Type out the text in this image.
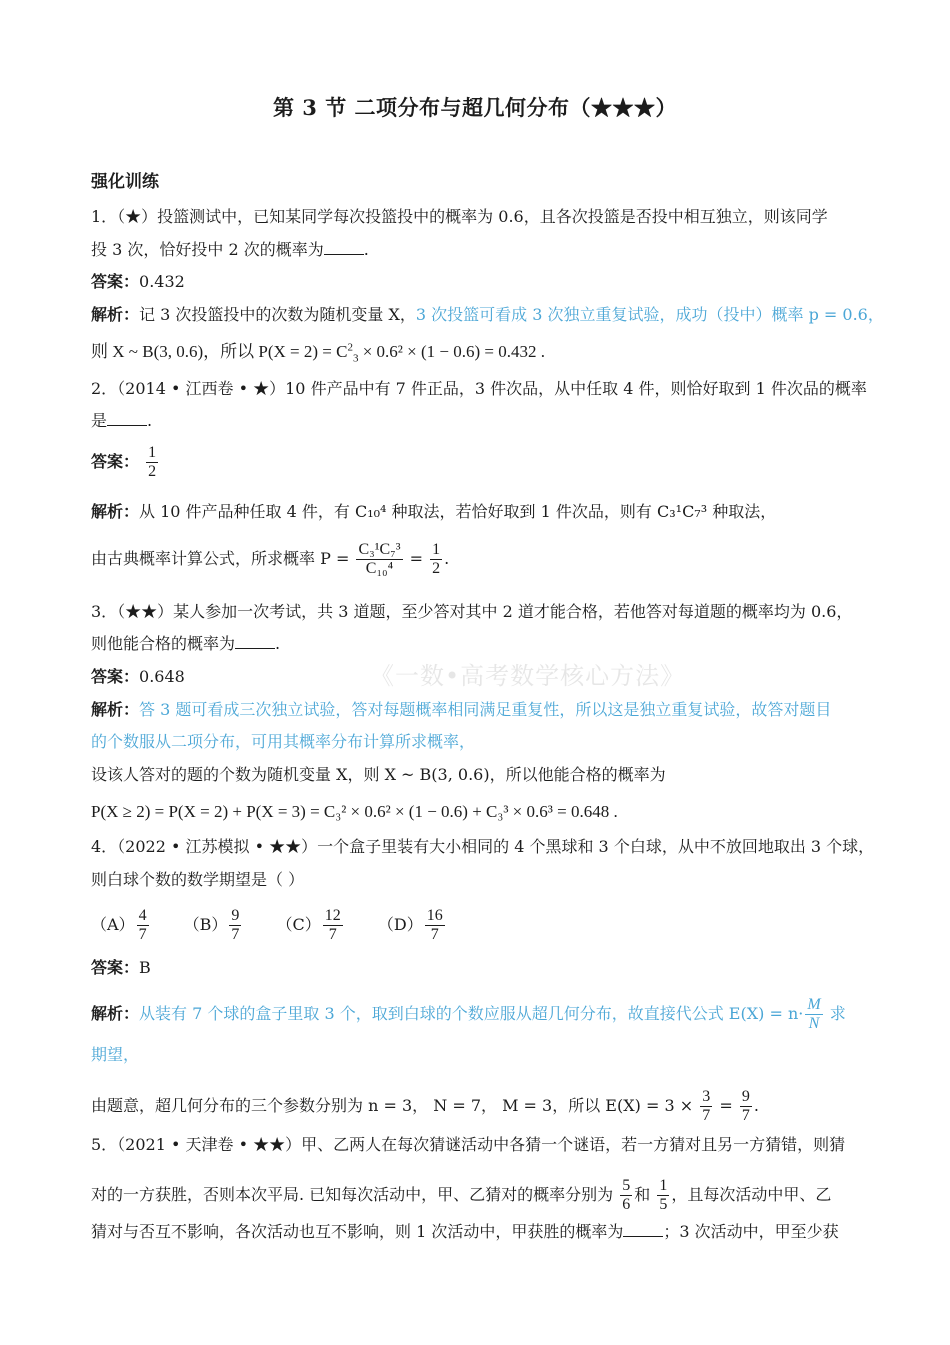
第 3 节 二项分布与超几何分布（★★★）
《一数•高考数学核心方法》
强化训练
1．（★）投篮测试中，已知某同学每次投篮投中的概率为 0.6，且各次投篮是否投中相互独立，则该同学
投 3 次，恰好投中 2 次的概率为	.
答案：0.432
解析：记 3 次投篮投中的次数为随机变量 X，3 次投篮可看成 3 次独立重复试验，成功（投中）概率 p = 0.6，
则 X ~ B(3, 0.6)，所以 $P(X = 2) = C^2_3 \times 0.6^2 \times (1 - 0.6) = 0.432$ .
2．（2014 • 江西卷 • ★）10 件产品中有 7 件正品，3 件次品，从中任取 4 件，则恰好取到 1 件次品的概率
是	.
答案： $\frac{1}{2}$
解析：从 10 件产品种任取 4 件，有 C₁₀⁴ 种取法，若恰好取到 1 件次品，则有 C₃¹C₇³ 种取法，
由古典概率计算公式，所求概率 $P = \frac{\text{C₃¹C₇³}}{\text{C₁₀⁴}} = \frac{1}{2}$ .
3．（★★）某人参加一次考试，共 3 道题，至少答对其中 2 道才能合格，若他答对每道题的概率均为 0.6，
则他能合格的概率为	.
答案：0.648
解析：答 3 题可看成三次独立试验，答对每题概率相同满足重复性，所以这是独立重复试验，故答对题目
的个数服从二项分布，可用其概率分布计算所求概率，
设该人答对的题的个数为随机变量 X，则 X ~ B(3, 0.6)，所以他能合格的概率为
P(X ≥ 2) = P(X = 2) + P(X = 3) = C₃² × 0.6² × (1 − 0.6) + C₃³ × 0.6³ = 0.648 .
4．（2022 • 江苏模拟 • ★★）一个盒子里装有大小相同的 4 个黑球和 3 个白球，从中不放回地取出 3 个球，
则白球个数的数学期望是（ ）
$(A) \frac{4}{7} (B) \frac{9}{7} (C) \frac{12}{7} (D) \frac{16}{7}$
答案：B
解析：从装有 7 个球的盒子里取 3 个，取到白球的个数应服从超几何分布，故直接代公式 $E(X) = n\cdot \frac{M}{N}$ 求
期望，
由题意，超几何分布的三个参数分别为 n = 3， N = 7， M = 3，所以 $E(X) = 3 \times \frac{3}{7} = \frac{9}{7}$ .
5．（2021 • 天津卷 • ★★）甲、乙两人在每次猜谜活动中各猜一个谜语，若一方猜对且另一方猜错，则猜
对的一方获胜，否则本次平局. 已知每次活动中，甲、乙猜对的概率分别为 $\frac{5}{6}$ 和 $\frac{1}{5}$ ，且每次活动中甲、乙
猜对与否互不影响，各次活动也互不影响，则 1 次活动中，甲获胜的概率为	；3 次活动中，甲至少获
